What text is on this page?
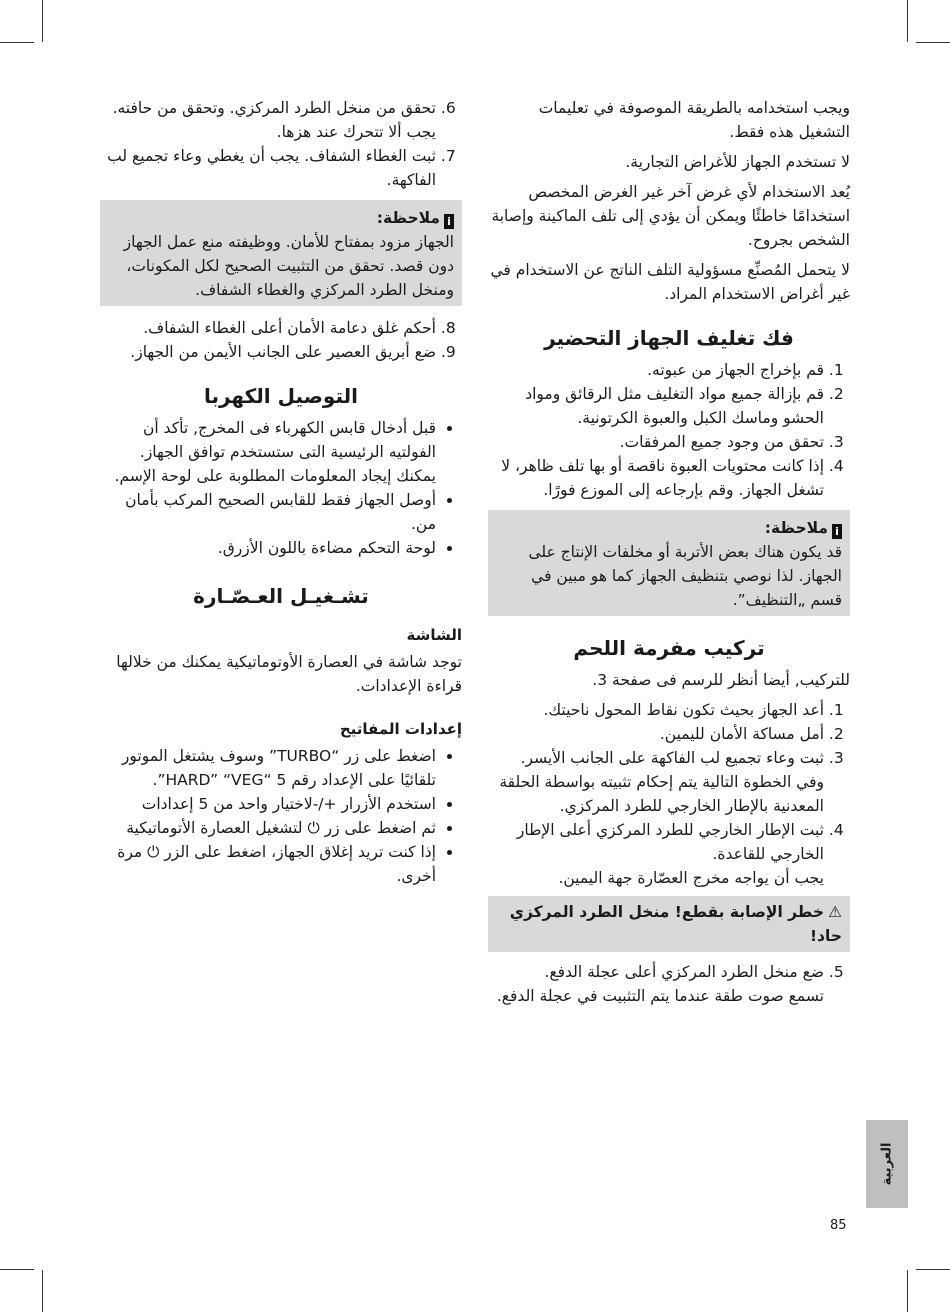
ويجب استخدامه بالطريقة الموصوفة في تعليمات التشغيل هذه فقط.

لا تستخدم الجهاز للأغراض التجارية.

يُعد الاستخدام لأي غرض آخر غير الغرض المخصص استخدامًا خاطئًا ويمكن أن يؤدي إلى تلف الماكينة وإصابة الشخص بجروح.

لا يتحمل المُصنِّع مسؤولية التلف الناتج عن الاستخدام في غير أغراض الاستخدام المراد.

فك تغليف الجهاز التحضير
1. قم بإخراج الجهاز من عبوته.
2. قم بإزالة جميع مواد التغليف مثل الرقائق ومواد الحشو وماسك الكبل والعبوة الكرتونية.
3. تحقق من وجود جميع المرفقات.
4. إذا كانت محتويات العبوة ناقصة أو بها تلف ظاهر، لا تشغل الجهاز. وقم بإرجاعه إلى الموزع فورًا.
iملاحظة:
قد يكون هناك بعض الأتربة أو مخلفات الإنتاج على الجهاز. لذا نوصي بتنظيف الجهاز كما هو مبين في قسم „التنظيف”.
تركيب مفرمة اللحم

للتركيب, أيضا أنظر للرسم فى صفحة 3.

1. أعد الجهاز بحيث تكون نقاط المحول ناحيتك.
2. أمل مساكة الأمان لليمين.
3. ثبت وعاء تجميع لب الفاكهة على الجانب الأيسر. وفي الخطوة التالية يتم إحكام تثبيته بواسطة الحلقة المعدنية بالإطار الخارجي للطرد المركزي.
4. ثبت الإطار الخارجي للطرد المركزي أعلى الإطار الخارجي للقاعدة.

يجب أن يواجه مخرج العصّارة جهة اليمين.

⚠خطر الإصابة بقطع! منخل الطرد المركزي حاد!
5. ضع منخل الطرد المركزي أعلى عجلة الدفع.

تسمع صوت طقة عندما يتم التثبيت في عجلة الدفع.

6. تحقق من منخل الطرد المركزي. وتحقق من حافته. يجب ألا تتحرك عند هزها.
7. ثبت الغطاء الشفاف. يجب أن يغطي وعاء تجميع لب الفاكهة.
iملاحظة:
الجهاز مزود بمفتاح للأمان. ووظيفته منع عمل الجهاز دون قصد. تحقق من التثبيت الصحيح لكل المكونات، ومنخل الطرد المركزي والغطاء الشفاف.
8. أحكم غلق دعامة الأمان أعلى الغطاء الشفاف.
9. ضع أبريق العصير على الجانب الأيمن من الجهاز.
التوصيل الكهربا
• قبل أدخال قابس الكهرباء فى المخرج, تأكد أن الفولتيه الرئيسية التى ستستخدم توافق الجهاز. يمكنك إيجاد المعلومات المطلوبة على لوحة الإسم.
• أوصل الجهاز فقط للقابس الصحيح المركب بأمان من.
• لوحة التحكم مضاءة باللون الأزرق.
تشـغيـل العـصّـارة
الشاشة

توجد شاشة في العصارة الأوتوماتيكية يمكنك من خلالها قراءة الإعدادات.

إعدادات المفاتيح
• اضغط على زر “TURBO” وسوف يشتغل الموتور تلقائيًا على الإعداد رقم 5 “HARD” “VEG”.
• استخدم الأزرار +/-لاختيار واحد من 5 إعدادات
• ثم اضغط على زر ⏻ لتشغيل العصارة الأتوماتيكية
• إذا كنت تريد إغلاق الجهاز، اضغط على الزر ⏻ مرة أخرى.
العربية
85
